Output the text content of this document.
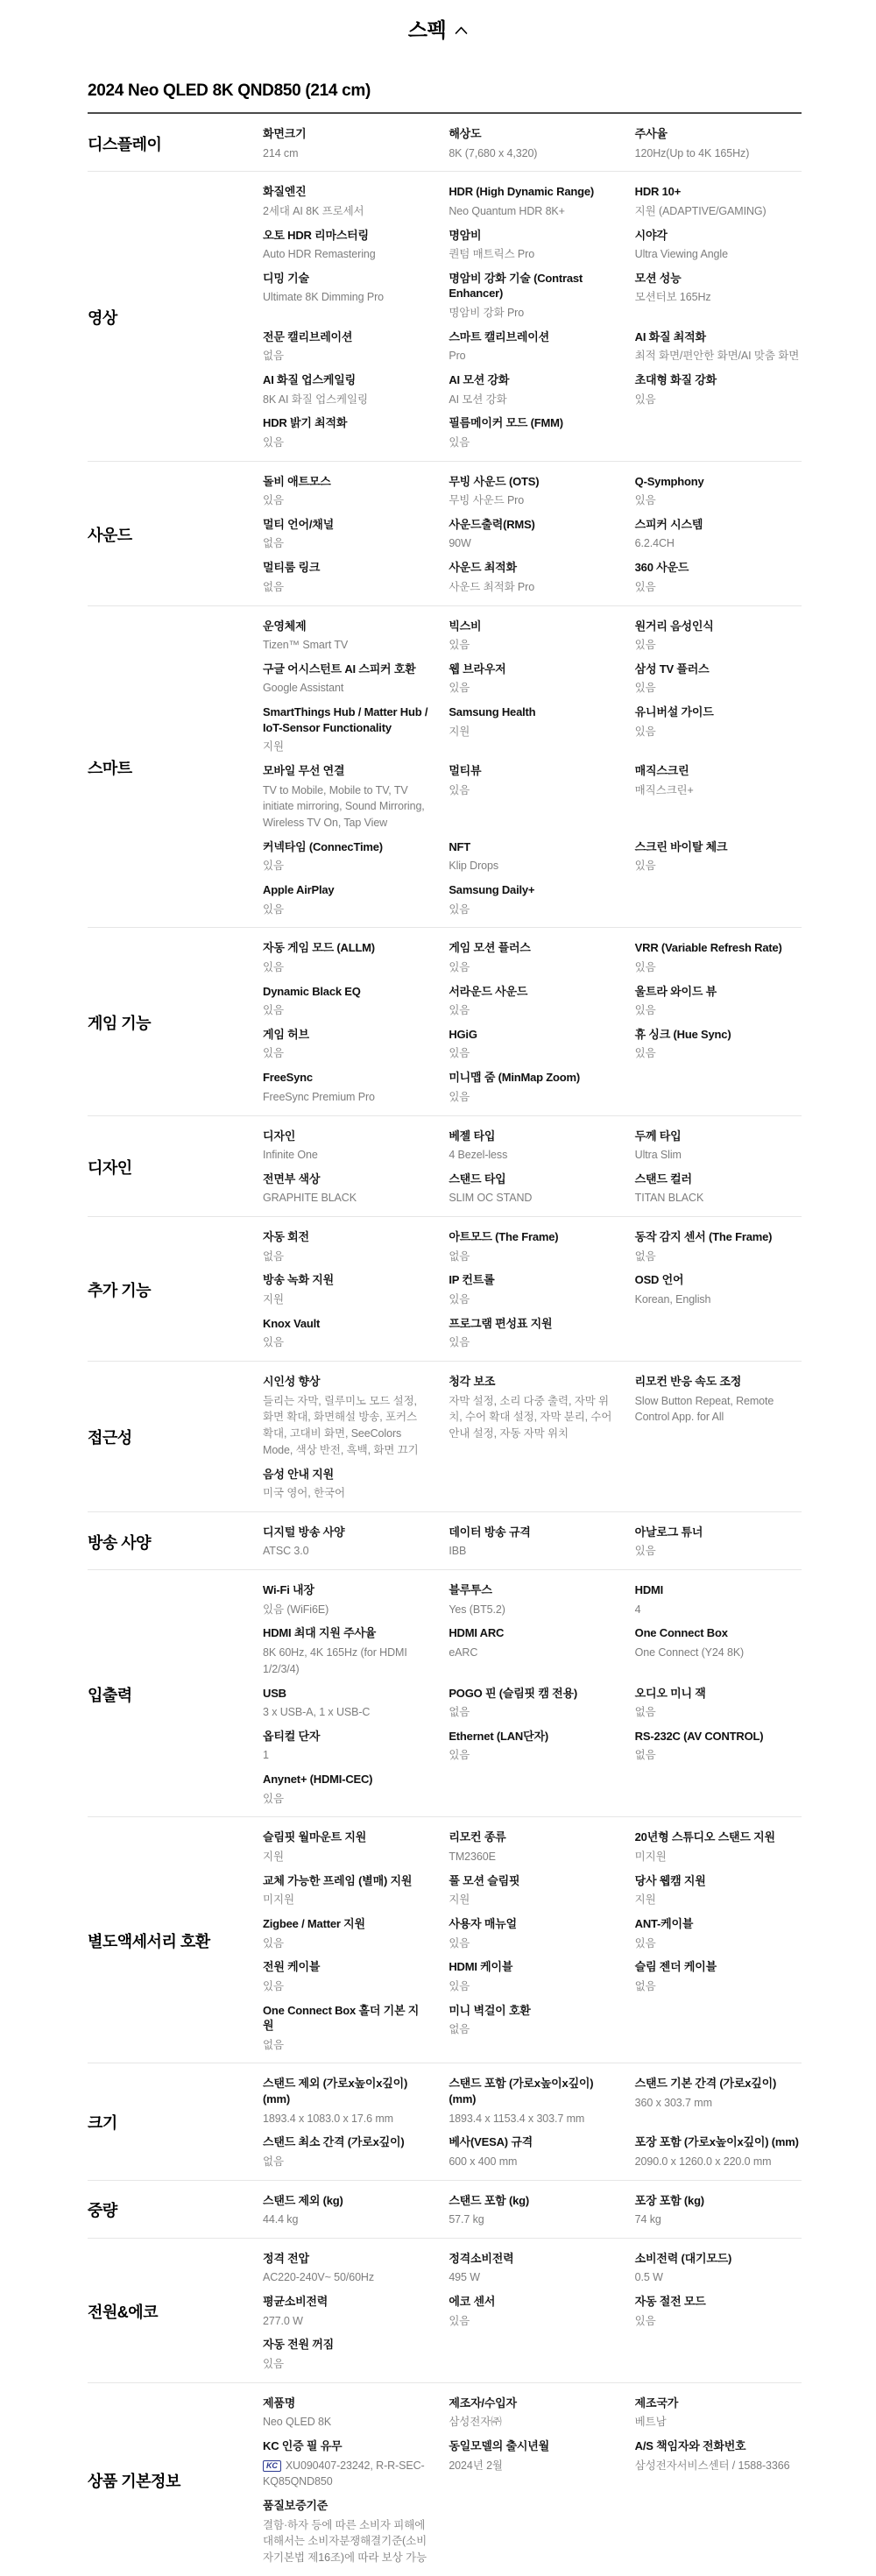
스펙
2024 Neo QLED 8K QND850 (214 cm)
디스플레이
화면크기
214 cm
해상도
8K (7,680 x 4,320)
주사율
120Hz(Up to 4K 165Hz)
영상
화질엔진
2세대 AI 8K 프로세서
HDR (High Dynamic Range)
Neo Quantum HDR 8K+
HDR 10+
지원 (ADAPTIVE/GAMING)
오토 HDR 리마스터링
Auto HDR Remastering
명암비
퀀텀 매트릭스 Pro
시야각
Ultra Viewing Angle
디밍 기술
Ultimate 8K Dimming Pro
명암비 강화 기술 (Contrast Enhancer)
명암비 강화 Pro
모션 성능
모션터보 165Hz
전문 캘리브레이션
없음
스마트 캘리브레이션
Pro
AI 화질 최적화
최적 화면/편안한 화면/AI 맞춤 화면
AI 화질 업스케일링
8K AI 화질 업스케일링
AI 모션 강화
AI 모션 강화
초대형 화질 강화
있음
HDR 밝기 최적화
있음
필름메이커 모드 (FMM)
있음
사운드
돌비 애트모스
있음
무빙 사운드 (OTS)
무빙 사운드 Pro
Q-Symphony
있음
멀티 언어/채널
없음
사운드출력(RMS)
90W
스피커 시스템
6.2.4CH
멀티룸 링크
없음
사운드 최적화
사운드 최적화 Pro
360 사운드
있음
스마트
운영체제
Tizen™ Smart TV
빅스비
있음
원거리 음성인식
있음
구글 어시스턴트 AI 스피커 호환
Google Assistant
웹 브라우저
있음
삼성 TV 플러스
있음
SmartThings Hub / Matter Hub / IoT-Sensor Functionality
지원
Samsung Health
지원
유니버설 가이드
있음
모바일 무선 연결
TV to Mobile, Mobile to TV, TV initiate mirroring, Sound Mirroring, Wireless TV On, Tap View
멀티뷰
있음
매직스크린
매직스크린+
커넥타임 (ConnecTime)
있음
NFT
Klip Drops
스크린 바이탈 체크
있음
Apple AirPlay
있음
Samsung Daily+
있음
게임 기능
자동 게임 모드 (ALLM)
있음
게임 모션 플러스
있음
VRR (Variable Refresh Rate)
있음
Dynamic Black EQ
있음
서라운드 사운드
있음
울트라 와이드 뷰
있음
게임 허브
있음
HGiG
있음
휴 싱크 (Hue Sync)
있음
FreeSync
FreeSync Premium Pro
미니맵 줌 (MinMap Zoom)
있음
디자인
디자인
Infinite One
베젤 타입
4 Bezel-less
두께 타입
Ultra Slim
전면부 색상
GRAPHITE BLACK
스탠드 타입
SLIM OC STAND
스탠드 컬러
TITAN BLACK
추가 기능
자동 회전
없음
아트모드 (The Frame)
없음
동작 감지 센서 (The Frame)
없음
방송 녹화 지원
지원
IP 컨트롤
있음
OSD 언어
Korean, English
Knox Vault
있음
프로그램 편성표 지원
있음
접근성
시인성 향상
들리는 자막, 릴루미노 모드 설정, 화면 확대, 화면해설 방송, 포커스 확대, 고대비 화면, SeeColors Mode, 색상 반전, 흑백, 화면 끄기
청각 보조
자막 설정, 소리 다중 출력, 자막 위치, 수어 확대 설정, 자막 분리, 수어 안내 설정, 자동 자막 위치
리모컨 반응 속도 조정
Slow Button Repeat, Remote Control App. for All
음성 안내 지원
미국 영어, 한국어
방송 사양
디지털 방송 사양
ATSC 3.0
데이터 방송 규격
IBB
아날로그 튜너
있음
입출력
Wi-Fi 내장
있음 (WiFi6E)
블루투스
Yes (BT5.2)
HDMI
4
HDMI 최대 지원 주사율
8K 60Hz, 4K 165Hz (for HDMI 1/2/3/4)
HDMI ARC
eARC
One Connect Box
One Connect (Y24 8K)
USB
3 x USB-A, 1 x USB-C
POGO 핀 (슬림핏 캠 전용)
없음
오디오 미니 잭
없음
옵티컬 단자
1
Ethernet (LAN단자)
있음
RS-232C (AV CONTROL)
없음
Anynet+ (HDMI-CEC)
있음
별도액세서리 호환
슬림핏 월마운트 지원
지원
리모컨 종류
TM2360E
20년형 스튜디오 스탠드 지원
미지원
교체 가능한 프레임 (별매) 지원
미지원
풀 모션 슬림핏
지원
당사 웹캠 지원
지원
Zigbee / Matter 지원
있음
사용자 매뉴얼
있음
ANT-케이블
있음
전원 케이블
있음
HDMI 케이블
있음
슬림 젠더 케이블
없음
One Connect Box 홀더 기본 지원
없음
미니 벽걸이 호환
없음
크기
스탠드 제외 (가로x높이x깊이)(mm)
1893.4 x 1083.0 x 17.6 mm
스탠드 포함 (가로x높이x깊이) (mm)
1893.4 x 1153.4 x 303.7 mm
스탠드 기본 간격 (가로x깊이)
360 x 303.7 mm
스탠드 최소 간격 (가로x깊이)
없음
베사(VESA) 규격
600 x 400 mm
포장 포함 (가로x높이x깊이) (mm)
2090.0 x 1260.0 x 220.0 mm
중량
스탠드 제외 (kg)
44.4 kg
스탠드 포함 (kg)
57.7 kg
포장 포함 (kg)
74 kg
전원&에코
정격 전압
AC220-240V~ 50/60Hz
정격소비전력
495 W
소비전력 (대기모드)
0.5 W
평균소비전력
277.0 W
에코 센서
있음
자동 절전 모드
있음
자동 전원 꺼짐
있음
상품 기본정보
제품명
Neo QLED 8K
제조자/수입자
삼성전자㈜
제조국가
베트남
KC 인증 필 유무
KC XU090407-23242, R-R-SEC-KQ85QND850
동일모델의 출시년월
2024년 2월
A/S 책임자와 전화번호
삼성전자서비스센터 / 1588-3366
품질보증기준
결함·하자 등에 따른 소비자 피해에 대해서는 소비자분쟁해결기준(소비자기본법 제16조)에 따라 보상 가능
